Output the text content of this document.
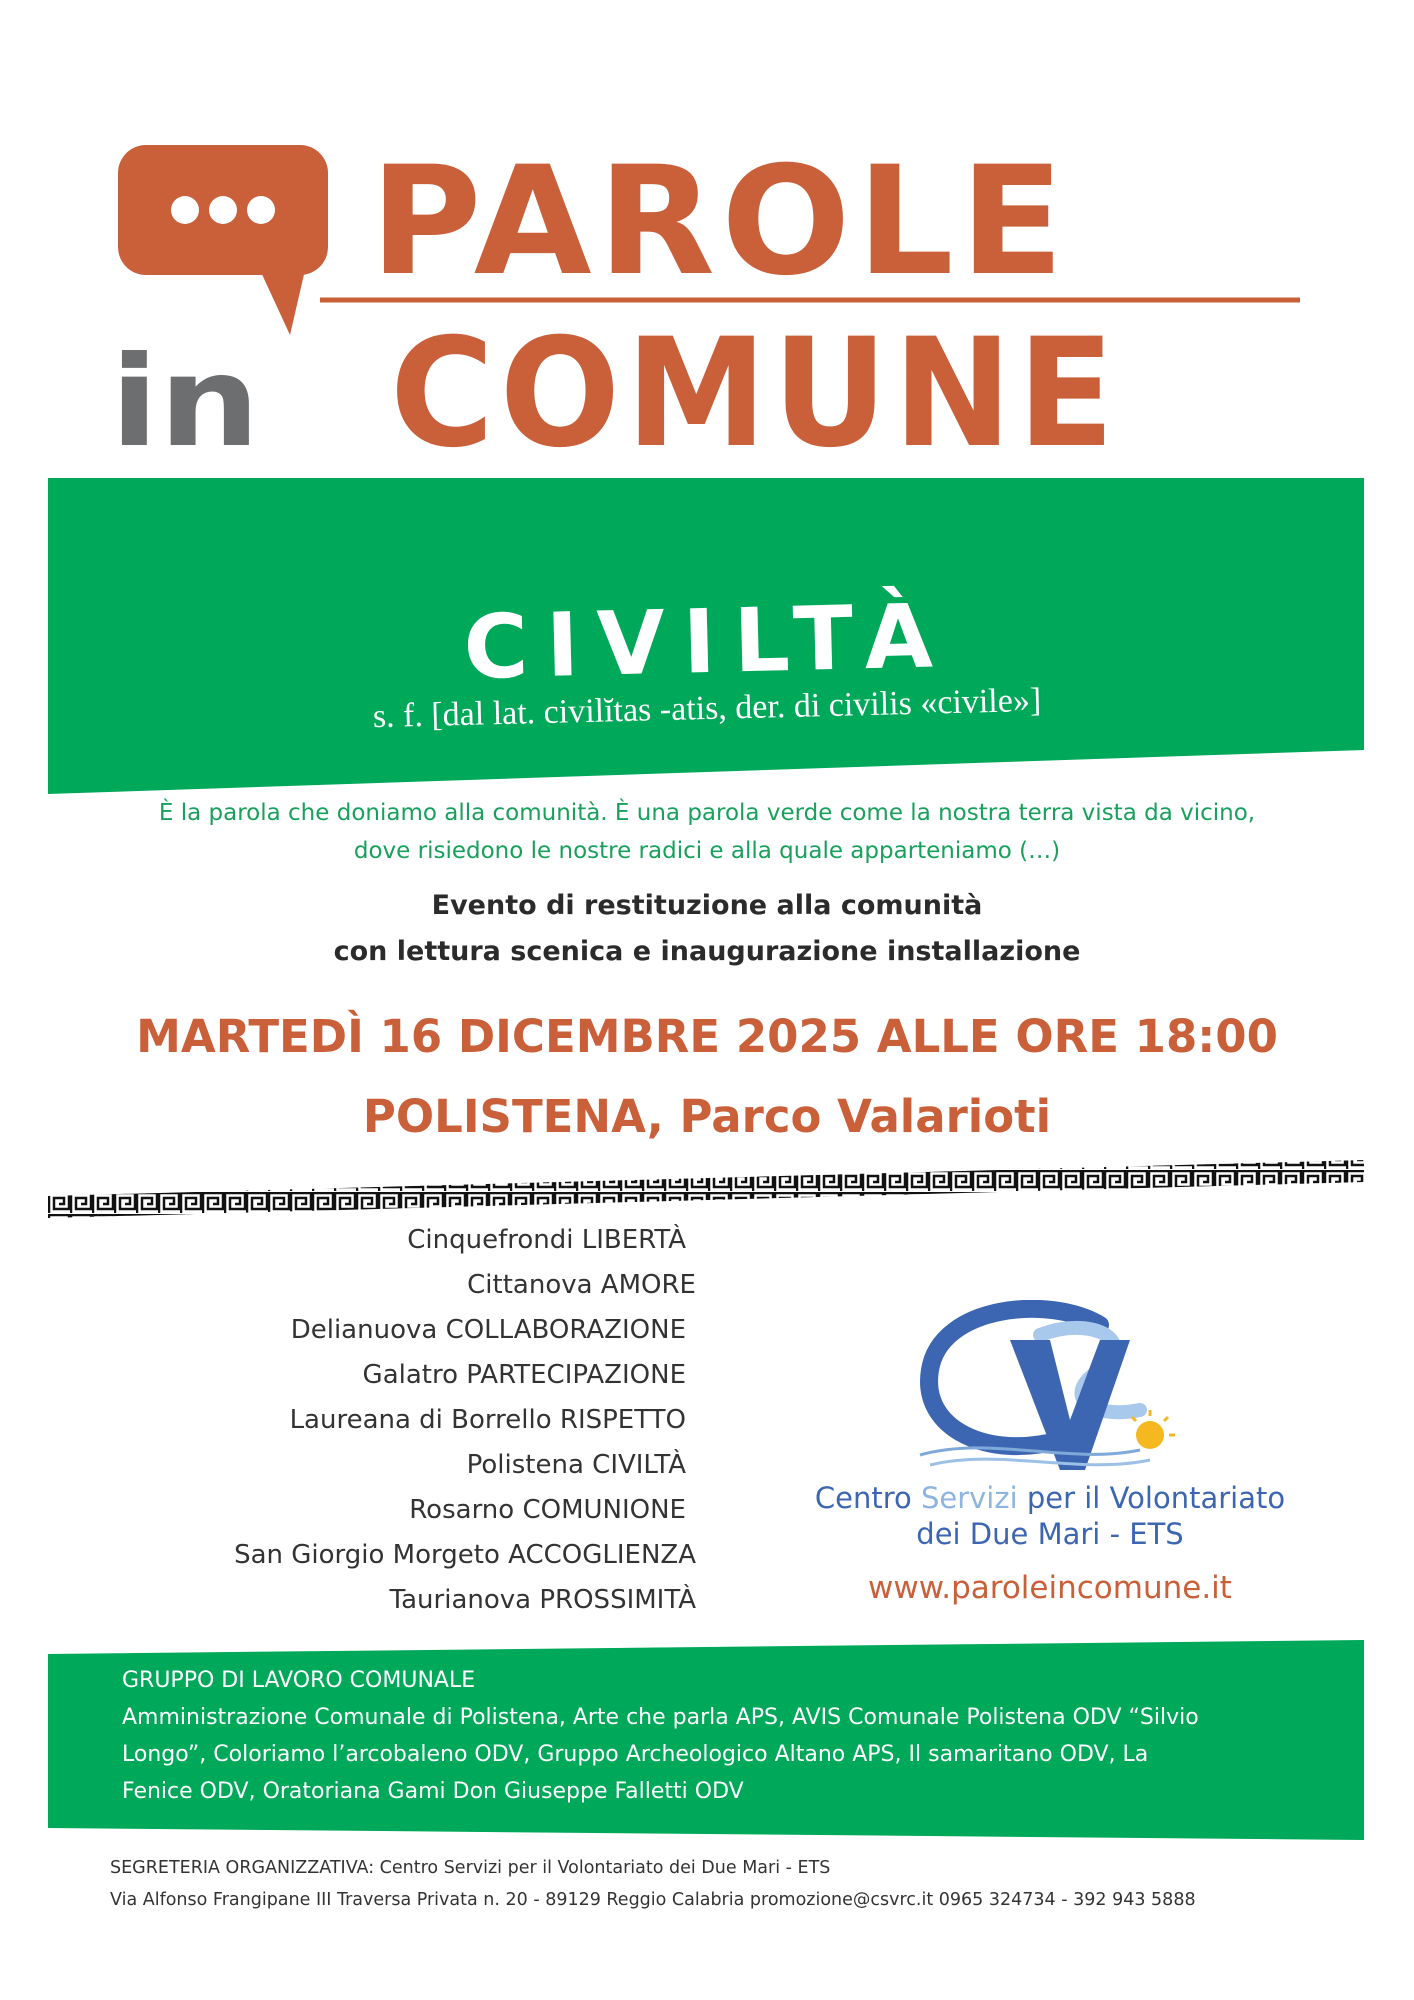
PAROLE
in COMUNE
CIVILTÀ
s. f. [dal lat. civilĭtas -atis, der. di civilis «civile»]
È la parola che doniamo alla comunità. È una parola verde come la nostra terra vista da vicino,
dove risiedono le nostre radici e alla quale apparteniamo (…)
Evento di restituzione alla comunità
con lettura scenica e inaugurazione installazione
MARTEDÌ 16 DICEMBRE 2025 ALLE ORE 18:00
POLISTENA, Parco Valarioti
Cinquefrondi LIBERTÀ
Cittanova AMORE
Delianuova COLLABORAZIONE
Galatro PARTECIPAZIONE
Laureana di Borrello RISPETTO
Polistena CIVILTÀ
Rosarno COMUNIONE
San Giorgio Morgeto ACCOGLIENZA
Taurianova PROSSIMITÀ
Centro Servizi per il Volontariato
dei Due Mari - ETS
www.paroleincomune.it
GRUPPO DI LAVORO COMUNALE
Amministrazione Comunale di Polistena, Arte che parla APS, AVIS Comunale Polistena ODV “Silvio
Longo”, Coloriamo l’arcobaleno ODV, Gruppo Archeologico Altano APS, Il samaritano ODV, La
Fenice ODV, Oratoriana Gami Don Giuseppe Falletti ODV
SEGRETERIA ORGANIZZATIVA: Centro Servizi per il Volontariato dei Due Mari - ETS
Via Alfonso Frangipane III Traversa Privata n. 20 - 89129 Reggio Calabria promozione@csvrc.it 0965 324734 - 392 943 5888
